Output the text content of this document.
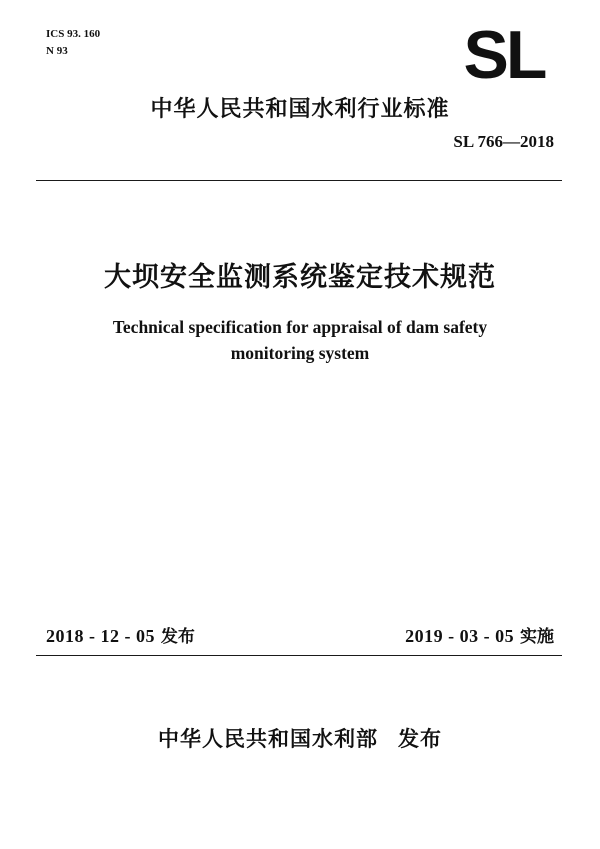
ICS 93. 160
N 93	SL
中华人民共和国水利行业标准
SL 766—2018
大坝安全监测系统鉴定技术规范
Technical specification for appraisal of dam safety
monitoring system
2018 - 12 - 05 发布	2019 - 03 - 05 实施
中华人民共和国水利部 发布
